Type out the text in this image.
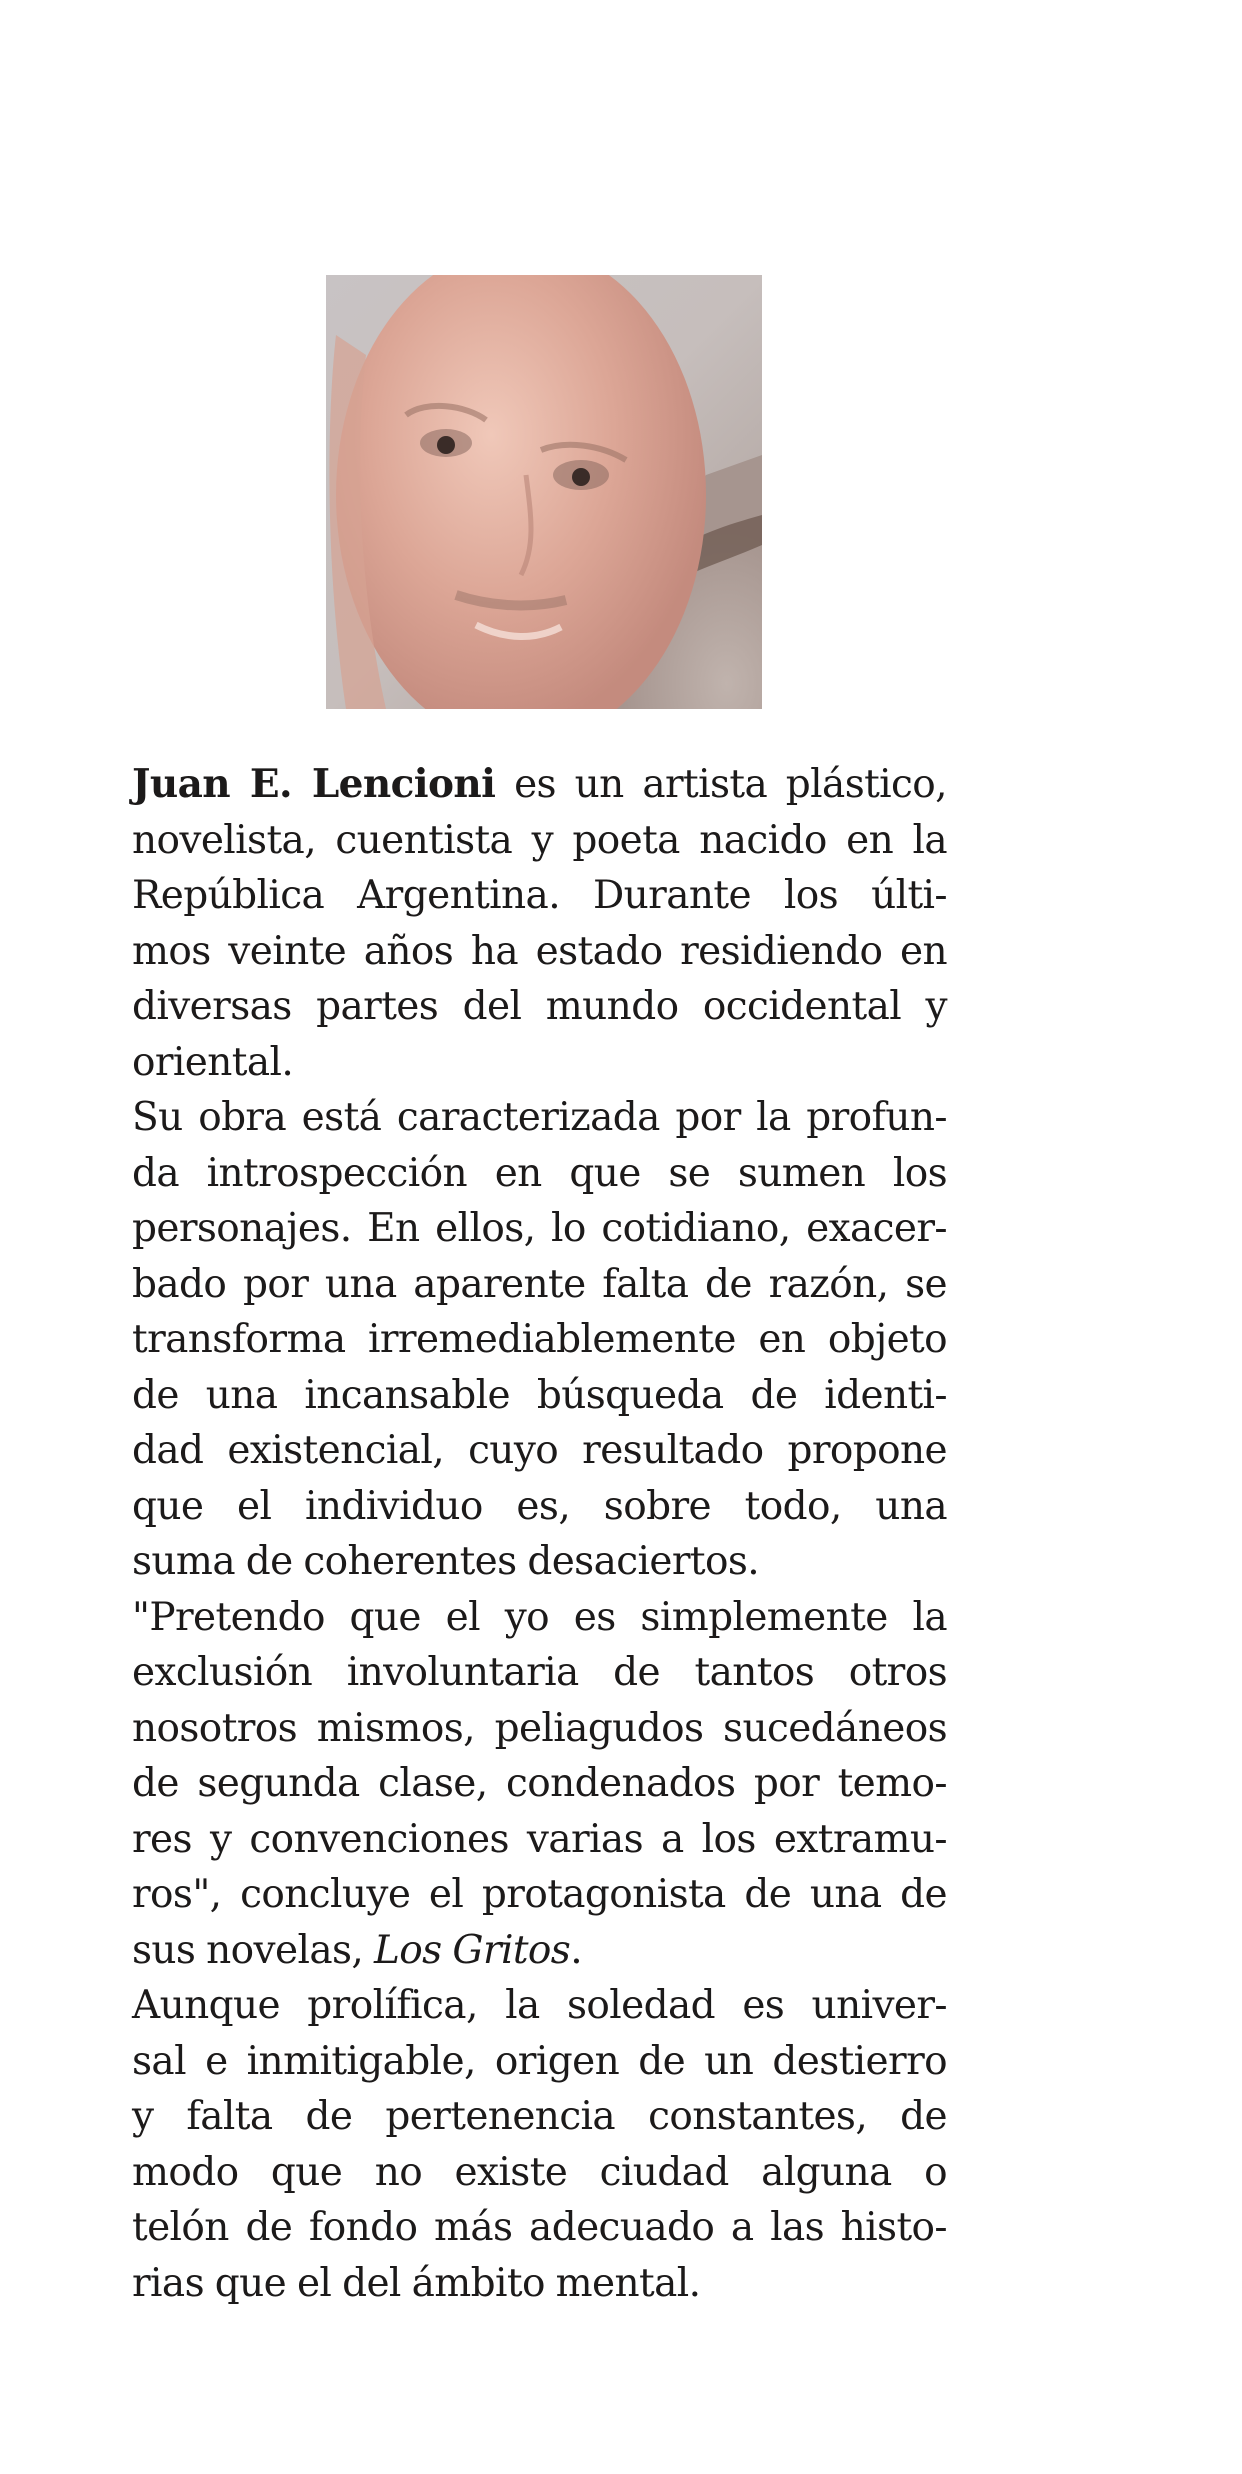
Juan E. Lencioni es un artista plástico,
novelista, cuentista y poeta nacido en la
República Argentina. Durante los últi-
mos veinte años ha estado residiendo en
diversas partes del mundo occidental y
oriental.
Su obra está caracterizada por la profun-
da introspección en que se sumen los
personajes. En ellos, lo cotidiano, exacer-
bado por una aparente falta de razón, se
transforma irremediablemente en objeto
de una incansable búsqueda de identi-
dad existencial, cuyo resultado propone
que el individuo es, sobre todo, una
suma de coherentes desaciertos.
"Pretendo que el yo es simplemente la
exclusión involuntaria de tantos otros
nosotros mismos, peliagudos sucedáneos
de segunda clase, condenados por temo-
res y convenciones varias a los extramu-
ros", concluye el protagonista de una de
sus novelas, Los Gritos.
Aunque prolífica, la soledad es univer-
sal e inmitigable, origen de un destierro
y falta de pertenencia constantes, de
modo que no existe ciudad alguna o
telón de fondo más adecuado a las histo-
rias que el del ámbito mental.
